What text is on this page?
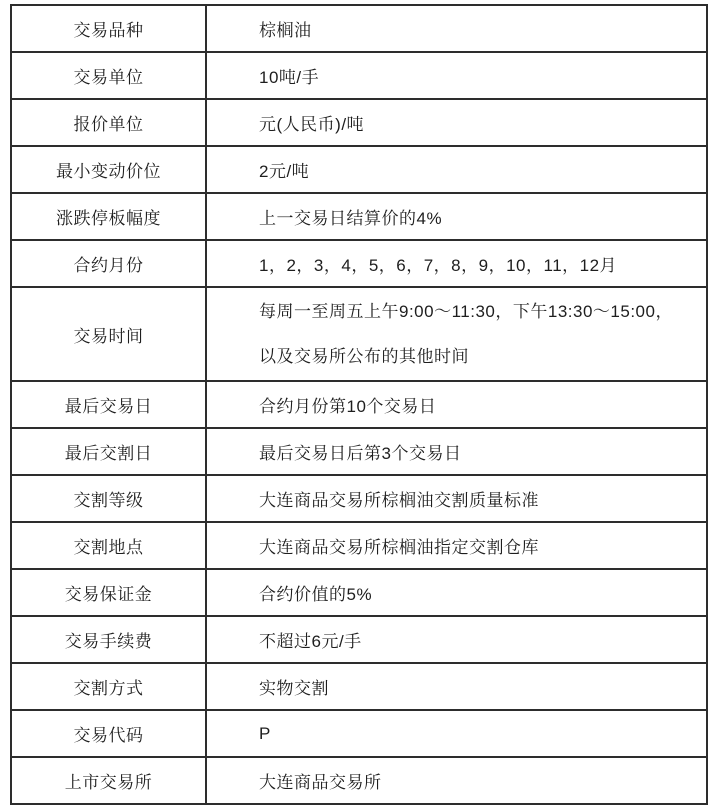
交易品种	棕榈油
交易单位	10吨/手
报价单位	元(人民币)/吨
最小变动价位	2元/吨
涨跌停板幅度	上一交易日结算价的4%
合约月份	1，2，3，4，5，6，7，8，9，10，11，12月
交易时间	每周一至周五上午9:00～11:30，下午13:30～15:00，
以及交易所公布的其他时间

最后交易日	合约月份第10个交易日
最后交割日	最后交易日后第3个交易日
交割等级	大连商品交易所棕榈油交割质量标准
交割地点	大连商品交易所棕榈油指定交割仓库
交易保证金	合约价值的5%
交易手续费	不超过6元/手
交割方式	实物交割
交易代码	P
上市交易所	大连商品交易所
